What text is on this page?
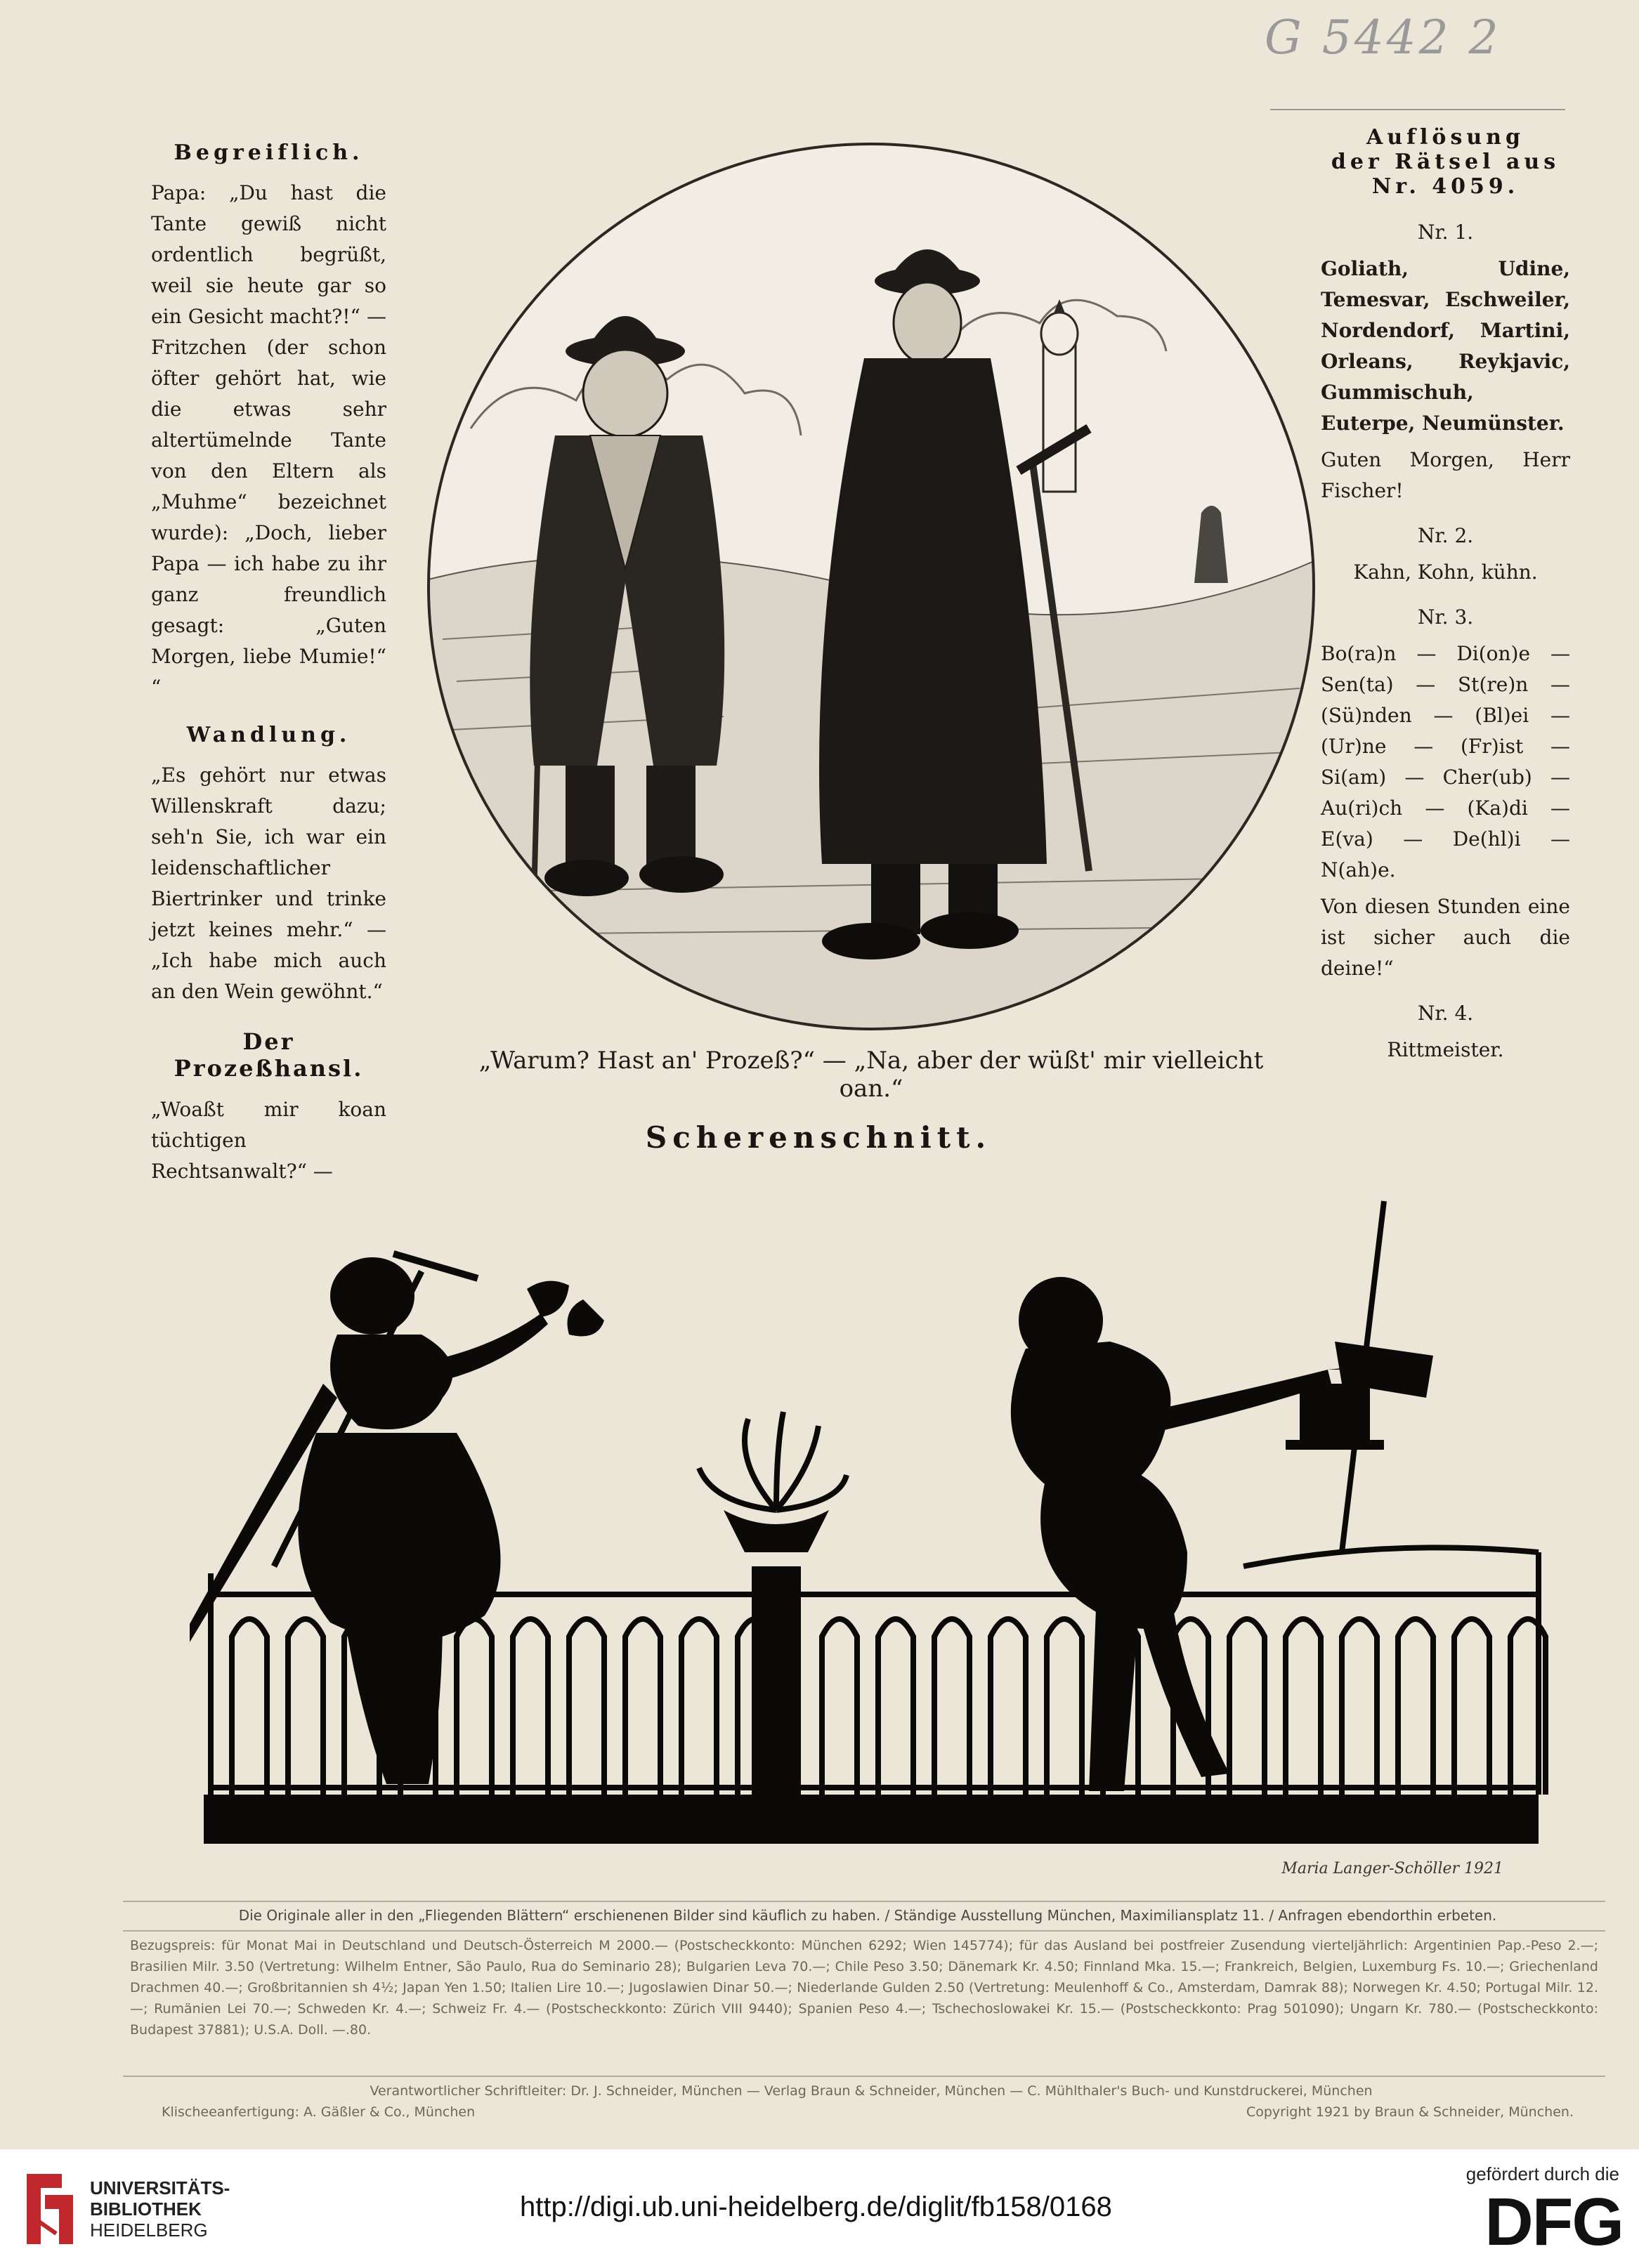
G 5442 2
Begreiflich.

Papa: „Du hast die Tante gewiß nicht ordentlich begrüßt, weil sie heute gar so ein Gesicht macht?!“ — Fritzchen (der schon öfter gehört hat, wie die etwas sehr altertümelnde Tante von den Eltern als „Muhme“ bezeichnet wurde): „Doch, lieber Papa — ich habe zu ihr ganz freundlich gesagt: „Guten Morgen, liebe Mumie!“ “

Wandlung.

„Es gehört nur etwas Willenskraft dazu; seh'n Sie, ich war ein leidenschaftlicher Biertrinker und trinke jetzt keines mehr.“ — „Ich habe mich auch an den Wein gewöhnt.“

Der Prozeßhansl.

„Woaßt mir koan tüchtigen Rechtsanwalt?“ —

Auflösung
der Rätsel aus
Nr. 4059.
Nr. 1.

Goliath, Udine, Temesvar, Eschweiler, Nordendorf, Martini, Orleans, Reykjavic, Gummischuh, Euterpe, Neumünster.

Guten Morgen, Herr Fischer!

Nr. 2.

Kahn, Kohn, kühn.

Nr. 3.

Bo(ra)n — Di(on)e — Sen(ta) — St(re)n — (Sü)nden — (Bl)ei — (Ur)ne — (Fr)ist — Si(am) — Cher(ub) — Au(ri)ch — (Ka)di — E(va) — De(hl)i — N(ah)e.

Von diesen Stunden eine ist sicher auch die deine!“

Nr. 4.

Rittmeister.

„Warum? Hast an' Prozeß?“ — „Na, aber der wüßt' mir vielleicht oan.“
Scherenschnitt.
Maria Langer-Schöller 1921

Die Originale aller in den „Fliegenden Blättern“ erschienenen Bilder sind käuflich zu haben. / Ständige Ausstellung München, Maximiliansplatz 11. / Anfragen ebendorthin erbeten.

Bezugspreis: für Monat Mai in Deutschland und Deutsch-Österreich M 2000.— (Postscheckkonto: München 6292; Wien 145774); für das Ausland bei postfreier Zusendung vierteljährlich: Argentinien Pap.-Peso 2.—; Brasilien Milr. 3.50 (Vertretung: Wilhelm Entner, São Paulo, Rua do Seminario 28); Bulgarien Leva 70.—; Chile Peso 3.50; Dänemark Kr. 4.50; Finnland Mka. 15.—; Frankreich, Belgien, Luxemburg Fs. 10.—; Griechenland Drachmen 40.—; Großbritannien sh 4½; Japan Yen 1.50; Italien Lire 10.—; Jugoslawien Dinar 50.—; Niederlande Gulden 2.50 (Vertretung: Meulenhoff & Co., Amsterdam, Damrak 88); Norwegen Kr. 4.50; Portugal Milr. 12.—; Rumänien Lei 70.—; Schweden Kr. 4.—; Schweiz Fr. 4.— (Postscheckkonto: Zürich VIII 9440); Spanien Peso 4.—; Tschechoslowakei Kr. 15.— (Postscheckkonto: Prag 501090); Ungarn Kr. 780.— (Postscheckkonto: Budapest 37881); U.S.A. Doll. —.80.

Verantwortlicher Schriftleiter: Dr. J. Schneider, München — Verlag Braun & Schneider, München — C. Mühlthaler's Buch- und Kunstdruckerei, München

Klischeeanfertigung: A. Gäßler & Co., München	Copyright 1921 by Braun & Schneider, München.

UNIVERSITÄTS-
BIBLIOTHEK
HEIDELBERG
http://digi.ub.uni-heidelberg.de/diglit/fb158/0168
gefördert durch die
DFG
